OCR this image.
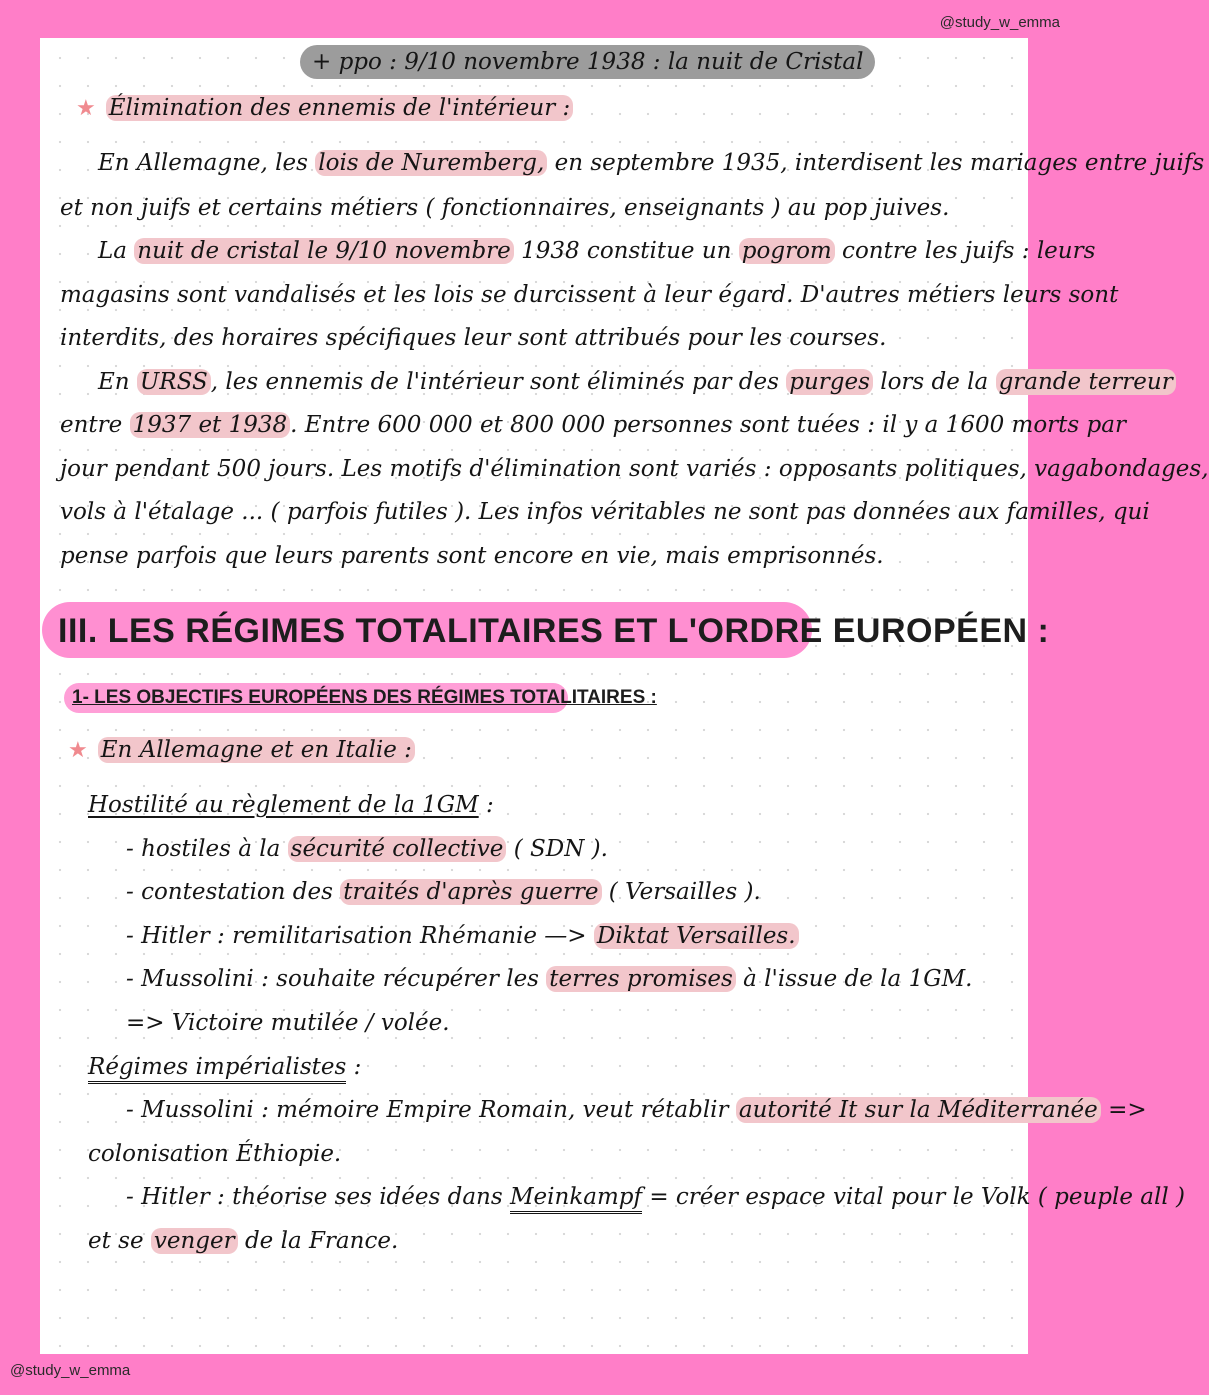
@study_w_emma
@study_w_emma
+ ppo : 9/10 novembre 1938 : la nuit de Cristal
★ Élimination des ennemis de l'intérieur :
En Allemagne, les lois de Nuremberg, en septembre 1935, interdisent les mariages entre juifs
et non juifs et certains métiers ( fonctionnaires, enseignants ) au pop juives.
La nuit de cristal le 9/10 novembre 1938 constitue un pogrom contre les juifs : leurs
magasins sont vandalisés et les lois se durcissent à leur égard. D'autres métiers leurs sont
interdits, des horaires spécifiques leur sont attribués pour les courses.
En URSS , les ennemis de l'intérieur sont éliminés par des purges lors de la grande terreur
entre 1937 et 1938 . Entre 600 000 et 800 000 personnes sont tuées : il y a 1600 morts par
jour pendant 500 jours. Les motifs d'élimination sont variés : opposants politiques, vagabondages,
vols à l'étalage ... ( parfois futiles ). Les infos véritables ne sont pas données aux familles, qui
pense parfois que leurs parents sont encore en vie, mais emprisonnés.
III. LES RÉGIMES TOTALITAIRES ET L'ORDRE EUROPÉEN :
1- LES OBJECTIFS EUROPÉENS DES RÉGIMES TOTALITAIRES :
★ En Allemagne et en Italie :
Hostilité au règlement de la 1GM :
- hostiles à la sécurité collective ( SDN ).
- contestation des traités d'après guerre ( Versailles ).
- Hitler : remilitarisation Rhémanie —> Diktat Versailles.
- Mussolini : souhaite récupérer les terres promises à l'issue de la 1GM.
=> Victoire mutilée / volée.
Régimes impérialistes :
- Mussolini : mémoire Empire Romain, veut rétablir autorité It sur la Méditerranée =>
colonisation Éthiopie.
- Hitler : théorise ses idées dans Meinkampf = créer espace vital pour le Volk ( peuple all )
et se venger de la France.
